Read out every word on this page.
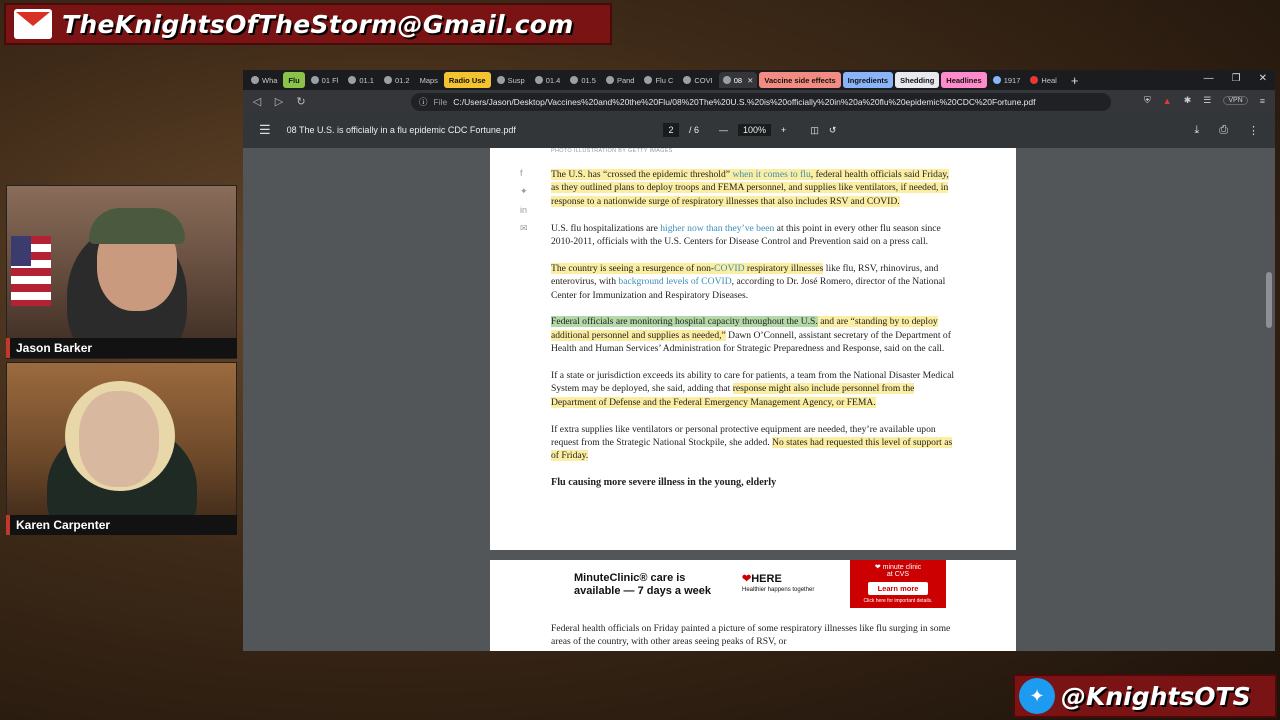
TheKnightsOfTheStorm@Gmail.com
Jason Barker
Karen Carpenter
✦ @KnightsOTS
Wha	Flu	01 Fl	01.1	01.2 Maps	Radio Use	Susp	01.4	01.5	Pand	Flu C	COVI	08 ✕	Vaccine side effects	Ingredients	Shedding	Headlines	1917	Heal +	— ❐ ✕
◁ ▷ ↻	ⓘ File C:/Users/Jason/Desktop/Vaccines%20and%20the%20Flu/08%20The%20U.S.%20is%20officially%20in%20a%20flu%20epidemic%20CDC%20Fortune.pdf	⛨ ▲ ✱ ☰	VPN	≡
☰ 08 The U.S. is officially in a flu epidemic CDC Fortune.pdf	2	/ 6 —	100%	+	◫ ↺	⤓ ⎙ ⋮
PHOTO ILLUSTRATION BY GETTY IMAGES
f
✦
in
✉

The U.S. has “crossed the epidemic threshold” when it comes to flu, federal health officials said Friday, as they outlined plans to deploy troops and FEMA personnel, and supplies like ventilators, if needed, in response to a nationwide surge of respiratory illnesses that also includes RSV and COVID.

U.S. flu hospitalizations are higher now than they’ve been at this point in every other flu season since 2010-2011, officials with the U.S. Centers for Disease Control and Prevention said on a press call.

The country is seeing a resurgence of non-COVID respiratory illnesses like flu, RSV, rhinovirus, and enterovirus, with background levels of COVID, according to Dr. José Romero, director of the National Center for Immunization and Respiratory Diseases.

Federal officials are monitoring hospital capacity throughout the U.S. and are “standing by to deploy additional personnel and supplies as needed,” Dawn O’Connell, assistant secretary of the Department of Health and Human Services’ Administration for Strategic Preparedness and Response, said on the call.

If a state or jurisdiction exceeds its ability to care for patients, a team from the National Disaster Medical System may be deployed, she said, adding that response might also include personnel from the Department of Defense and the Federal Emergency Management Agency, or FEMA.

If extra supplies like ventilators or personal protective equipment are needed, they’re available upon request from the Strategic National Stockpile, she added. No states had requested this level of support as of Friday.

Flu causing more severe illness in the young, elderly
MinuteClinic® care is
available — 7 days a week
❤HERE
Healthier happens together
❤ minute clinic
at CVS
Learn more
Click here for important details.

Federal health officials on Friday painted a picture of some respiratory illnesses like flu surging in some areas of the country, with other areas seeing peaks of RSV, or
